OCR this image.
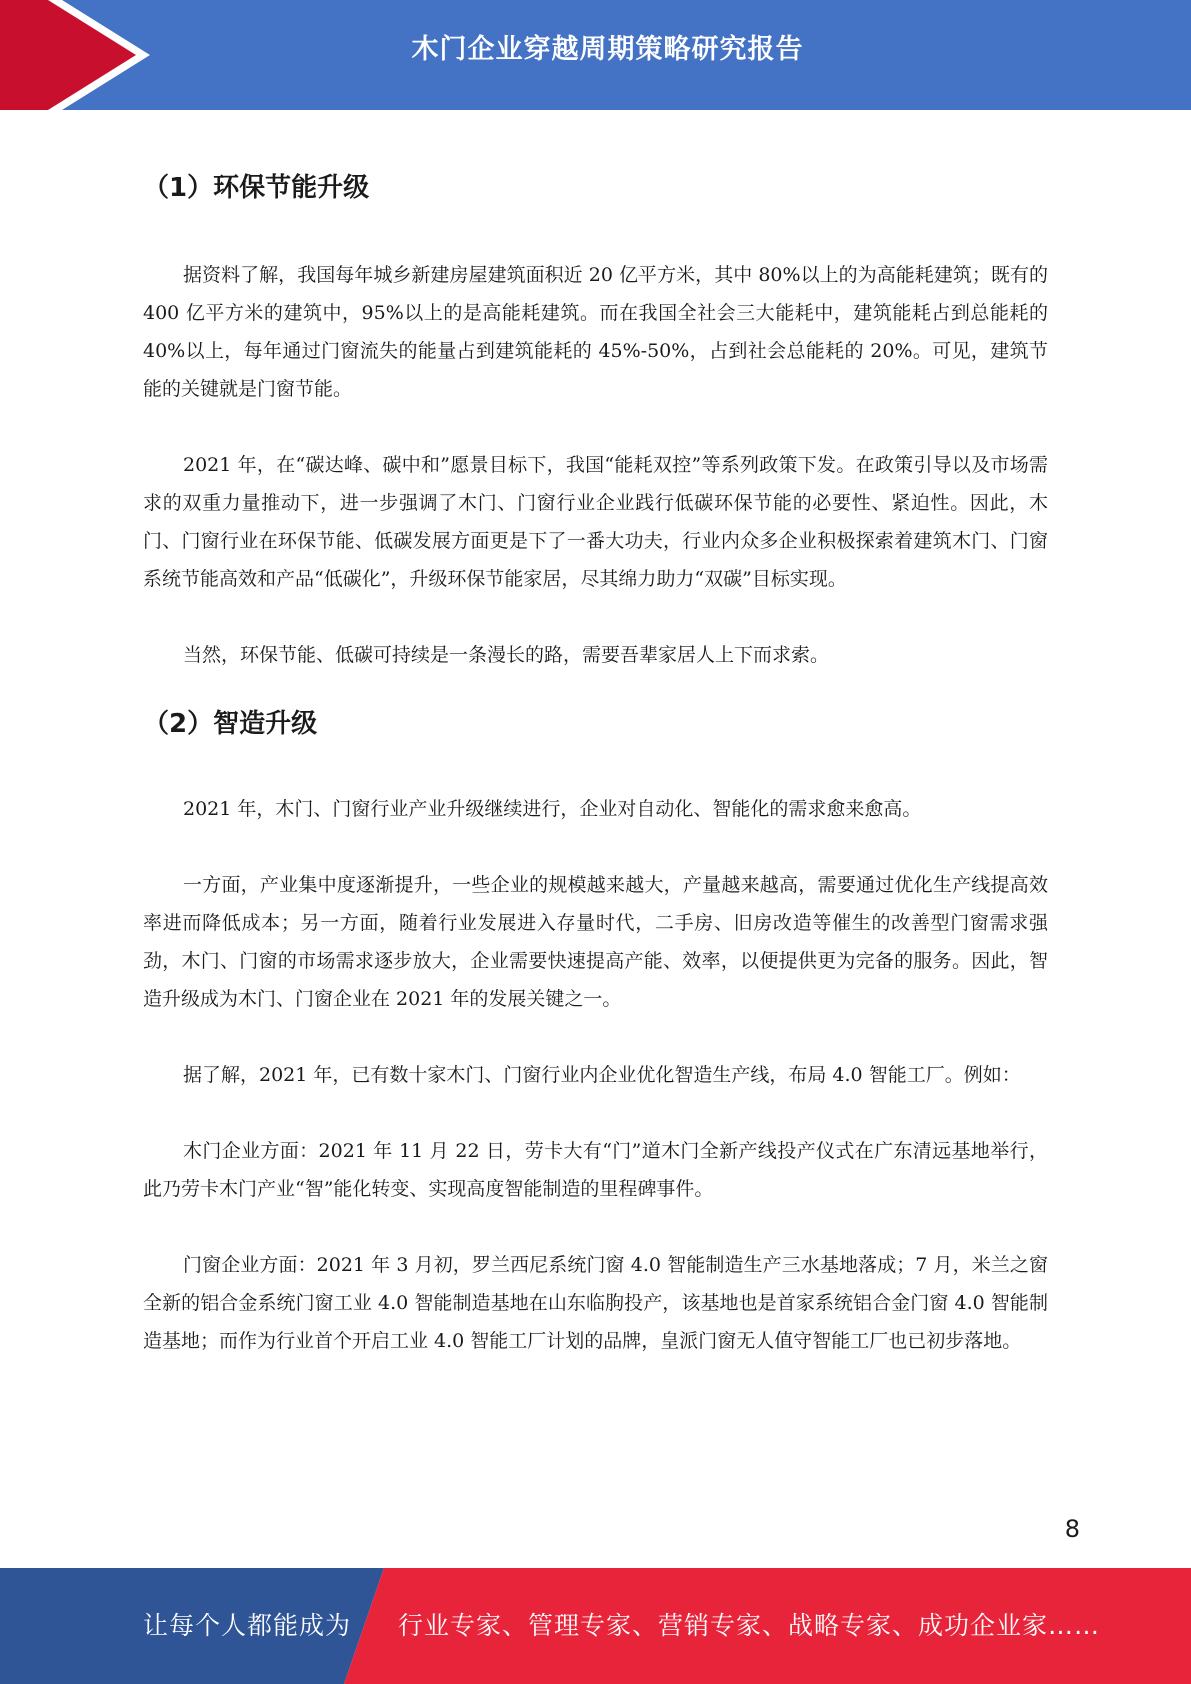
木门企业穿越周期策略研究报告
（1）环保节能升级

据资料了解，我国每年城乡新建房屋建筑面积近 20 亿平方米，其中 80%以上的为高能耗建筑；既有的 400 亿平方米的建筑中，95%以上的是高能耗建筑。而在我国全社会三大能耗中，建筑能耗占到总能耗的 40%以上，每年通过门窗流失的能量占到建筑能耗的 45%-50%，占到社会总能耗的 20%。可见，建筑节能的关键就是门窗节能。

2021 年，在“碳达峰、碳中和”愿景目标下，我国“能耗双控”等系列政策下发。在政策引导以及市场需求的双重力量推动下，进一步强调了木门、门窗行业企业践行低碳环保节能的必要性、紧迫性。因此，木门、门窗行业在环保节能、低碳发展方面更是下了一番大功夫，行业内众多企业积极探索着建筑木门、门窗系统节能高效和产品“低碳化”，升级环保节能家居，尽其绵力助力“双碳”目标实现。

当然，环保节能、低碳可持续是一条漫长的路，需要吾辈家居人上下而求索。

（2）智造升级

2021 年，木门、门窗行业产业升级继续进行，企业对自动化、智能化的需求愈来愈高。

一方面，产业集中度逐渐提升，一些企业的规模越来越大，产量越来越高，需要通过优化生产线提高效率进而降低成本；另一方面，随着行业发展进入存量时代，二手房、旧房改造等催生的改善型门窗需求强劲，木门、门窗的市场需求逐步放大，企业需要快速提高产能、效率，以便提供更为完备的服务。因此，智造升级成为木门、门窗企业在 2021 年的发展关键之一。

据了解，2021 年，已有数十家木门、门窗行业内企业优化智造生产线，布局 4.0 智能工厂。例如：

木门企业方面：2021 年 11 月 22 日，劳卡大有“门”道木门全新产线投产仪式在广东清远基地举行，此乃劳卡木门产业“智”能化转变、实现高度智能制造的里程碑事件。

门窗企业方面：2021 年 3 月初，罗兰西尼系统门窗 4.0 智能制造生产三水基地落成；7 月，米兰之窗全新的铝合金系统门窗工业 4.0 智能制造基地在山东临朐投产，该基地也是首家系统铝合金门窗 4.0 智能制造基地；而作为行业首个开启工业 4.0 智能工厂计划的品牌，皇派门窗无人值守智能工厂也已初步落地。

8
让每个人都能成为 行业专家、管理专家、营销专家、战略专家、成功企业家……
